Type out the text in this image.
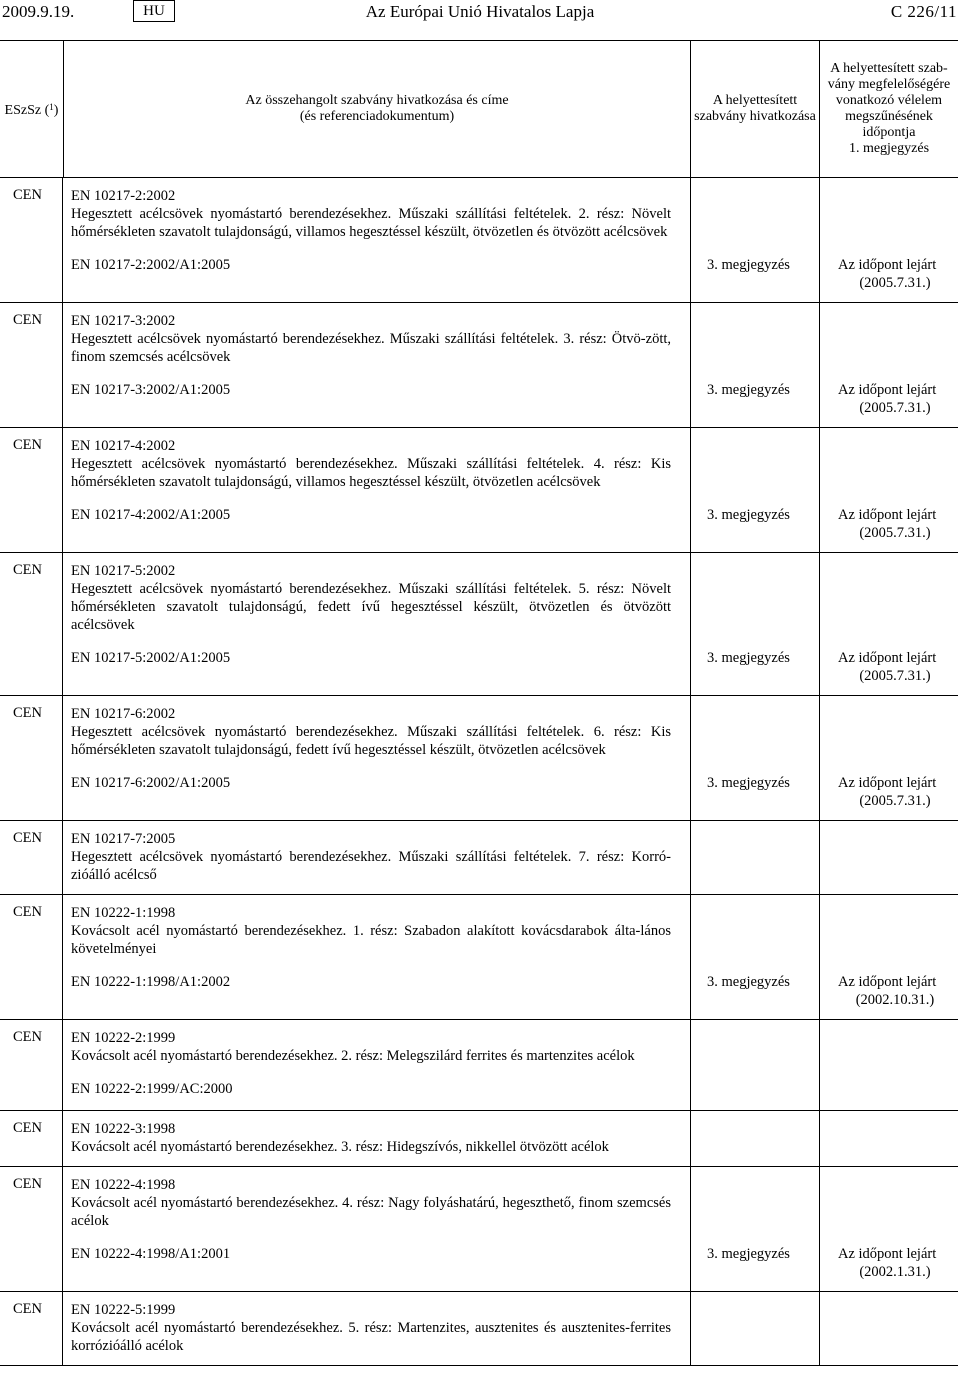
2009.9.19.	HU	Az Európai Unió Hivatalos Lapja	C 226/11
ESzSz ($^1$)
Az összehangolt szabvány hivatkozása és címe
(és referenciadokumentum)
A helyettesített
szabvány hivatkozása
A helyettesített szab-
vány megfelelőségére
vonatkozó vélelem
megszűnésének
időpontja
1. megjegyzés
CEN	EN 10217-2:2002
Hegesztett acélcsövek nyomástartó berendezésekhez. Műszaki szállítási feltételek. 2. rész: Növelt hőmérsékleten szavatolt tulajdonságú, villamos hegesztéssel készült, ötvözetlen és ötvözött acélcsövek
EN 10217-2:2002/A1:2005	3. megjegyzés	Az időpont lejárt
(2005.7.31.)
CEN	EN 10217-3:2002
Hegesztett acélcsövek nyomástartó berendezésekhez. Műszaki szállítási feltételek. 3. rész: Ötvö-zött, finom szemcsés acélcsövek
EN 10217-3:2002/A1:2005	3. megjegyzés	Az időpont lejárt
(2005.7.31.)
CEN	EN 10217-4:2002
Hegesztett acélcsövek nyomástartó berendezésekhez. Műszaki szállítási feltételek. 4. rész: Kis hőmérsékleten szavatolt tulajdonságú, villamos hegesztéssel készült, ötvözetlen acélcsövek
EN 10217-4:2002/A1:2005	3. megjegyzés	Az időpont lejárt
(2005.7.31.)
CEN	EN 10217-5:2002
Hegesztett acélcsövek nyomástartó berendezésekhez. Műszaki szállítási feltételek. 5. rész: Növelt hőmérsékleten szavatolt tulajdonságú, fedett ívű hegesztéssel készült, ötvözetlen és ötvözött acélcsövek
EN 10217-5:2002/A1:2005	3. megjegyzés	Az időpont lejárt
(2005.7.31.)
CEN	EN 10217-6:2002
Hegesztett acélcsövek nyomástartó berendezésekhez. Műszaki szállítási feltételek. 6. rész: Kis hőmérsékleten szavatolt tulajdonságú, fedett ívű hegesztéssel készült, ötvözetlen acélcsövek
EN 10217-6:2002/A1:2005	3. megjegyzés	Az időpont lejárt
(2005.7.31.)
CEN	EN 10217-7:2005
Hegesztett acélcsövek nyomástartó berendezésekhez. Műszaki szállítási feltételek. 7. rész: Korró-zióálló acélcső
CEN	EN 10222-1:1998
Kovácsolt acél nyomástartó berendezésekhez. 1. rész: Szabadon alakított kovácsdarabok álta-lános követelményei
EN 10222-1:1998/A1:2002	3. megjegyzés	Az időpont lejárt
(2002.10.31.)
CEN	EN 10222-2:1999
Kovácsolt acél nyomástartó berendezésekhez. 2. rész: Melegszilárd ferrites és martenzites acélok
EN 10222-2:1999/AC:2000
CEN	EN 10222-3:1998
Kovácsolt acél nyomástartó berendezésekhez. 3. rész: Hidegszívós, nikkellel ötvözött acélok
CEN	EN 10222-4:1998
Kovácsolt acél nyomástartó berendezésekhez. 4. rész: Nagy folyáshatárú, hegeszthető, finom szemcsés acélok
EN 10222-4:1998/A1:2001	3. megjegyzés	Az időpont lejárt
(2002.1.31.)
CEN	EN 10222-5:1999
Kovácsolt acél nyomástartó berendezésekhez. 5. rész: Martenzites, ausztenites és ausztenites-ferrites korrózióálló acélok
